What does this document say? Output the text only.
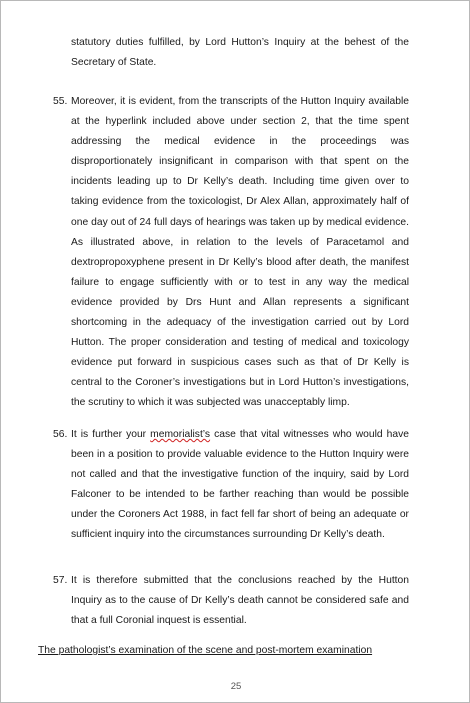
statutory duties fulfilled, by Lord Hutton’s Inquiry at the behest of the Secretary of State.

55. Moreover, it is evident, from the transcripts of the Hutton Inquiry available at the hyperlink included above under section 2, that the time spent addressing the medical evidence in the proceedings was disproportionately insignificant in comparison with that spent on the incidents leading up to Dr Kelly’s death. Including time given over to taking evidence from the toxicologist, Dr Alex Allan, approximately half of one day out of 24 full days of hearings was taken up by medical evidence. As illustrated above, in relation to the levels of Paracetamol and dextropropoxyphene present in Dr Kelly’s blood after death, the manifest failure to engage sufficiently with or to test in any way the medical evidence provided by Drs Hunt and Allan represents a significant shortcoming in the adequacy of the investigation carried out by Lord Hutton. The proper consideration and testing of medical and toxicology evidence put forward in suspicious cases such as that of Dr Kelly is central to the Coroner’s investigations but in Lord Hutton’s investigations, the scrutiny to which it was subjected was unacceptably limp.

56. It is further your memorialist’s case that vital witnesses who would have been in a position to provide valuable evidence to the Hutton Inquiry were not called and that the investigative function of the inquiry, said by Lord Falconer to be intended to be farther reaching than would be possible under the Coroners Act 1988, in fact fell far short of being an adequate or sufficient inquiry into the circumstances surrounding Dr Kelly’s death.

57. It is therefore submitted that the conclusions reached by the Hutton Inquiry as to the cause of Dr Kelly’s death cannot be considered safe and that a full Coronial inquest is essential.

The pathologist’s examination of the scene and post-mortem examination

25
